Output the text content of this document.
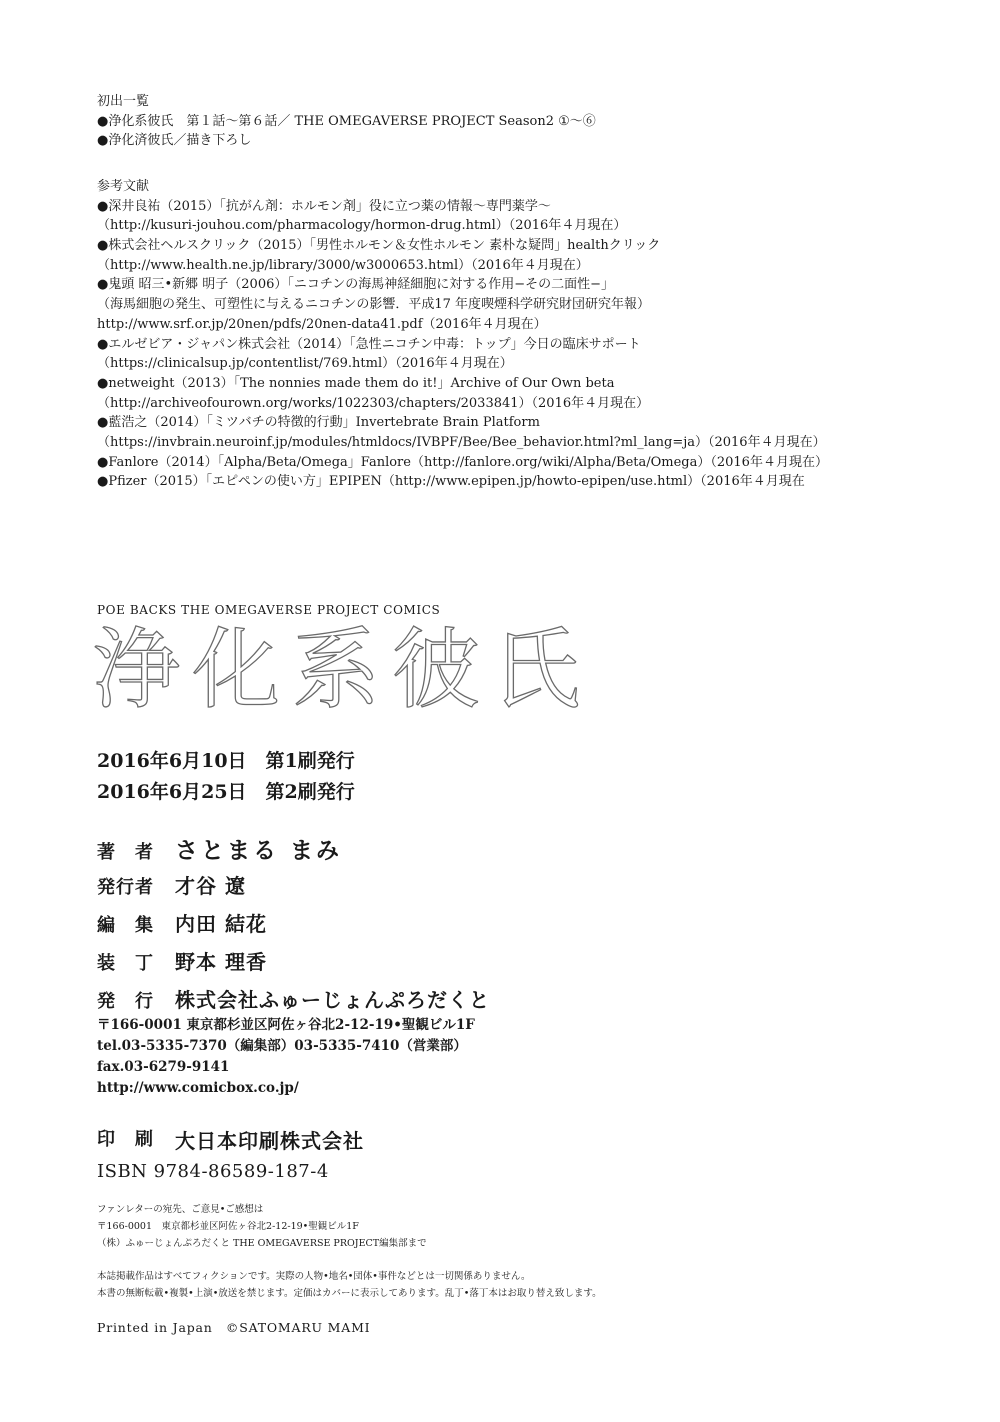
初出一覧
●浄化系彼氏　第１話〜第６話／ THE OMEGAVERSE PROJECT Season2 ①〜⑥
●浄化済彼氏／描き下ろし
参考文献
●深井良祐（2015）「抗がん剤：ホルモン剤」役に立つ薬の情報〜専門薬学〜
（http://kusuri-jouhou.com/pharmacology/hormon-drug.html）（2016年４月現在）
●株式会社ヘルスクリック（2015）「男性ホルモン＆女性ホルモン 素朴な疑問」healthクリック
（http://www.health.ne.jp/library/3000/w3000653.html）（2016年４月現在）
●鬼頭 昭三•新郷 明子（2006）「ニコチンの海馬神経細胞に対する作用−その二面性−」
（海馬細胞の発生、可塑性に与えるニコチンの影響．平成17 年度喫煙科学研究財団研究年報）
http://www.srf.or.jp/20nen/pdfs/20nen-data41.pdf（2016年４月現在）
●エルゼビア・ジャパン株式会社（2014）「急性ニコチン中毒：トップ」今日の臨床サポート
（https://clinicalsup.jp/contentlist/769.html）（2016年４月現在）
●netweight（2013）「The nonnies made them do it!」Archive of Our Own beta
（http://archiveofourown.org/works/1022303/chapters/2033841）（2016年４月現在）
●藍浩之（2014）「ミツバチの特徴的行動」Invertebrate Brain Platform
（https://invbrain.neuroinf.jp/modules/htmldocs/IVBPF/Bee/Bee_behavior.html?ml_lang=ja）（2016年４月現在）
●Fanlore（2014）「Alpha/Beta/Omega」Fanlore（http://fanlore.org/wiki/Alpha/Beta/Omega）（2016年４月現在）
●Pfizer（2015）「エピペンの使い方」EPIPEN（http://www.epipen.jp/howto-epipen/use.html）（2016年４月現在
POE BACKS THE OMEGAVERSE PROJECT COMICS
浄化系彼氏
2016年6月10日　第1刷発行
2016年6月25日　第2刷発行
著　者 さとまる まみ
発行者	才谷 遼
編　集	内田 結花
装　丁	野本 理香
発　行	株式会社ふゅーじょんぷろだくと
〒166-0001 東京都杉並区阿佐ヶ谷北2-12-19•聖観ビル1F
tel.03-5335-7370（編集部）03-5335-7410（営業部）
fax.03-6279-9141
http://www.comicbox.co.jp/
印　刷	大日本印刷株式会社
ISBN 9784-86589-187-4
ファンレターの宛先、ご意見•ご感想は
〒166-0001　東京都杉並区阿佐ヶ谷北2-12-19•聖観ビル1F
（株）ふゅーじょんぷろだくと THE OMEGAVERSE PROJECT編集部まで
本誌掲載作品はすべてフィクションです。実際の人物•地名•団体•事件などとは一切関係ありません。
本書の無断転載•複製•上演•放送を禁じます。定価はカバーに表示してあります。乱丁•落丁本はお取り替え致します。
Printed in Japan　©SATOMARU MAMI
